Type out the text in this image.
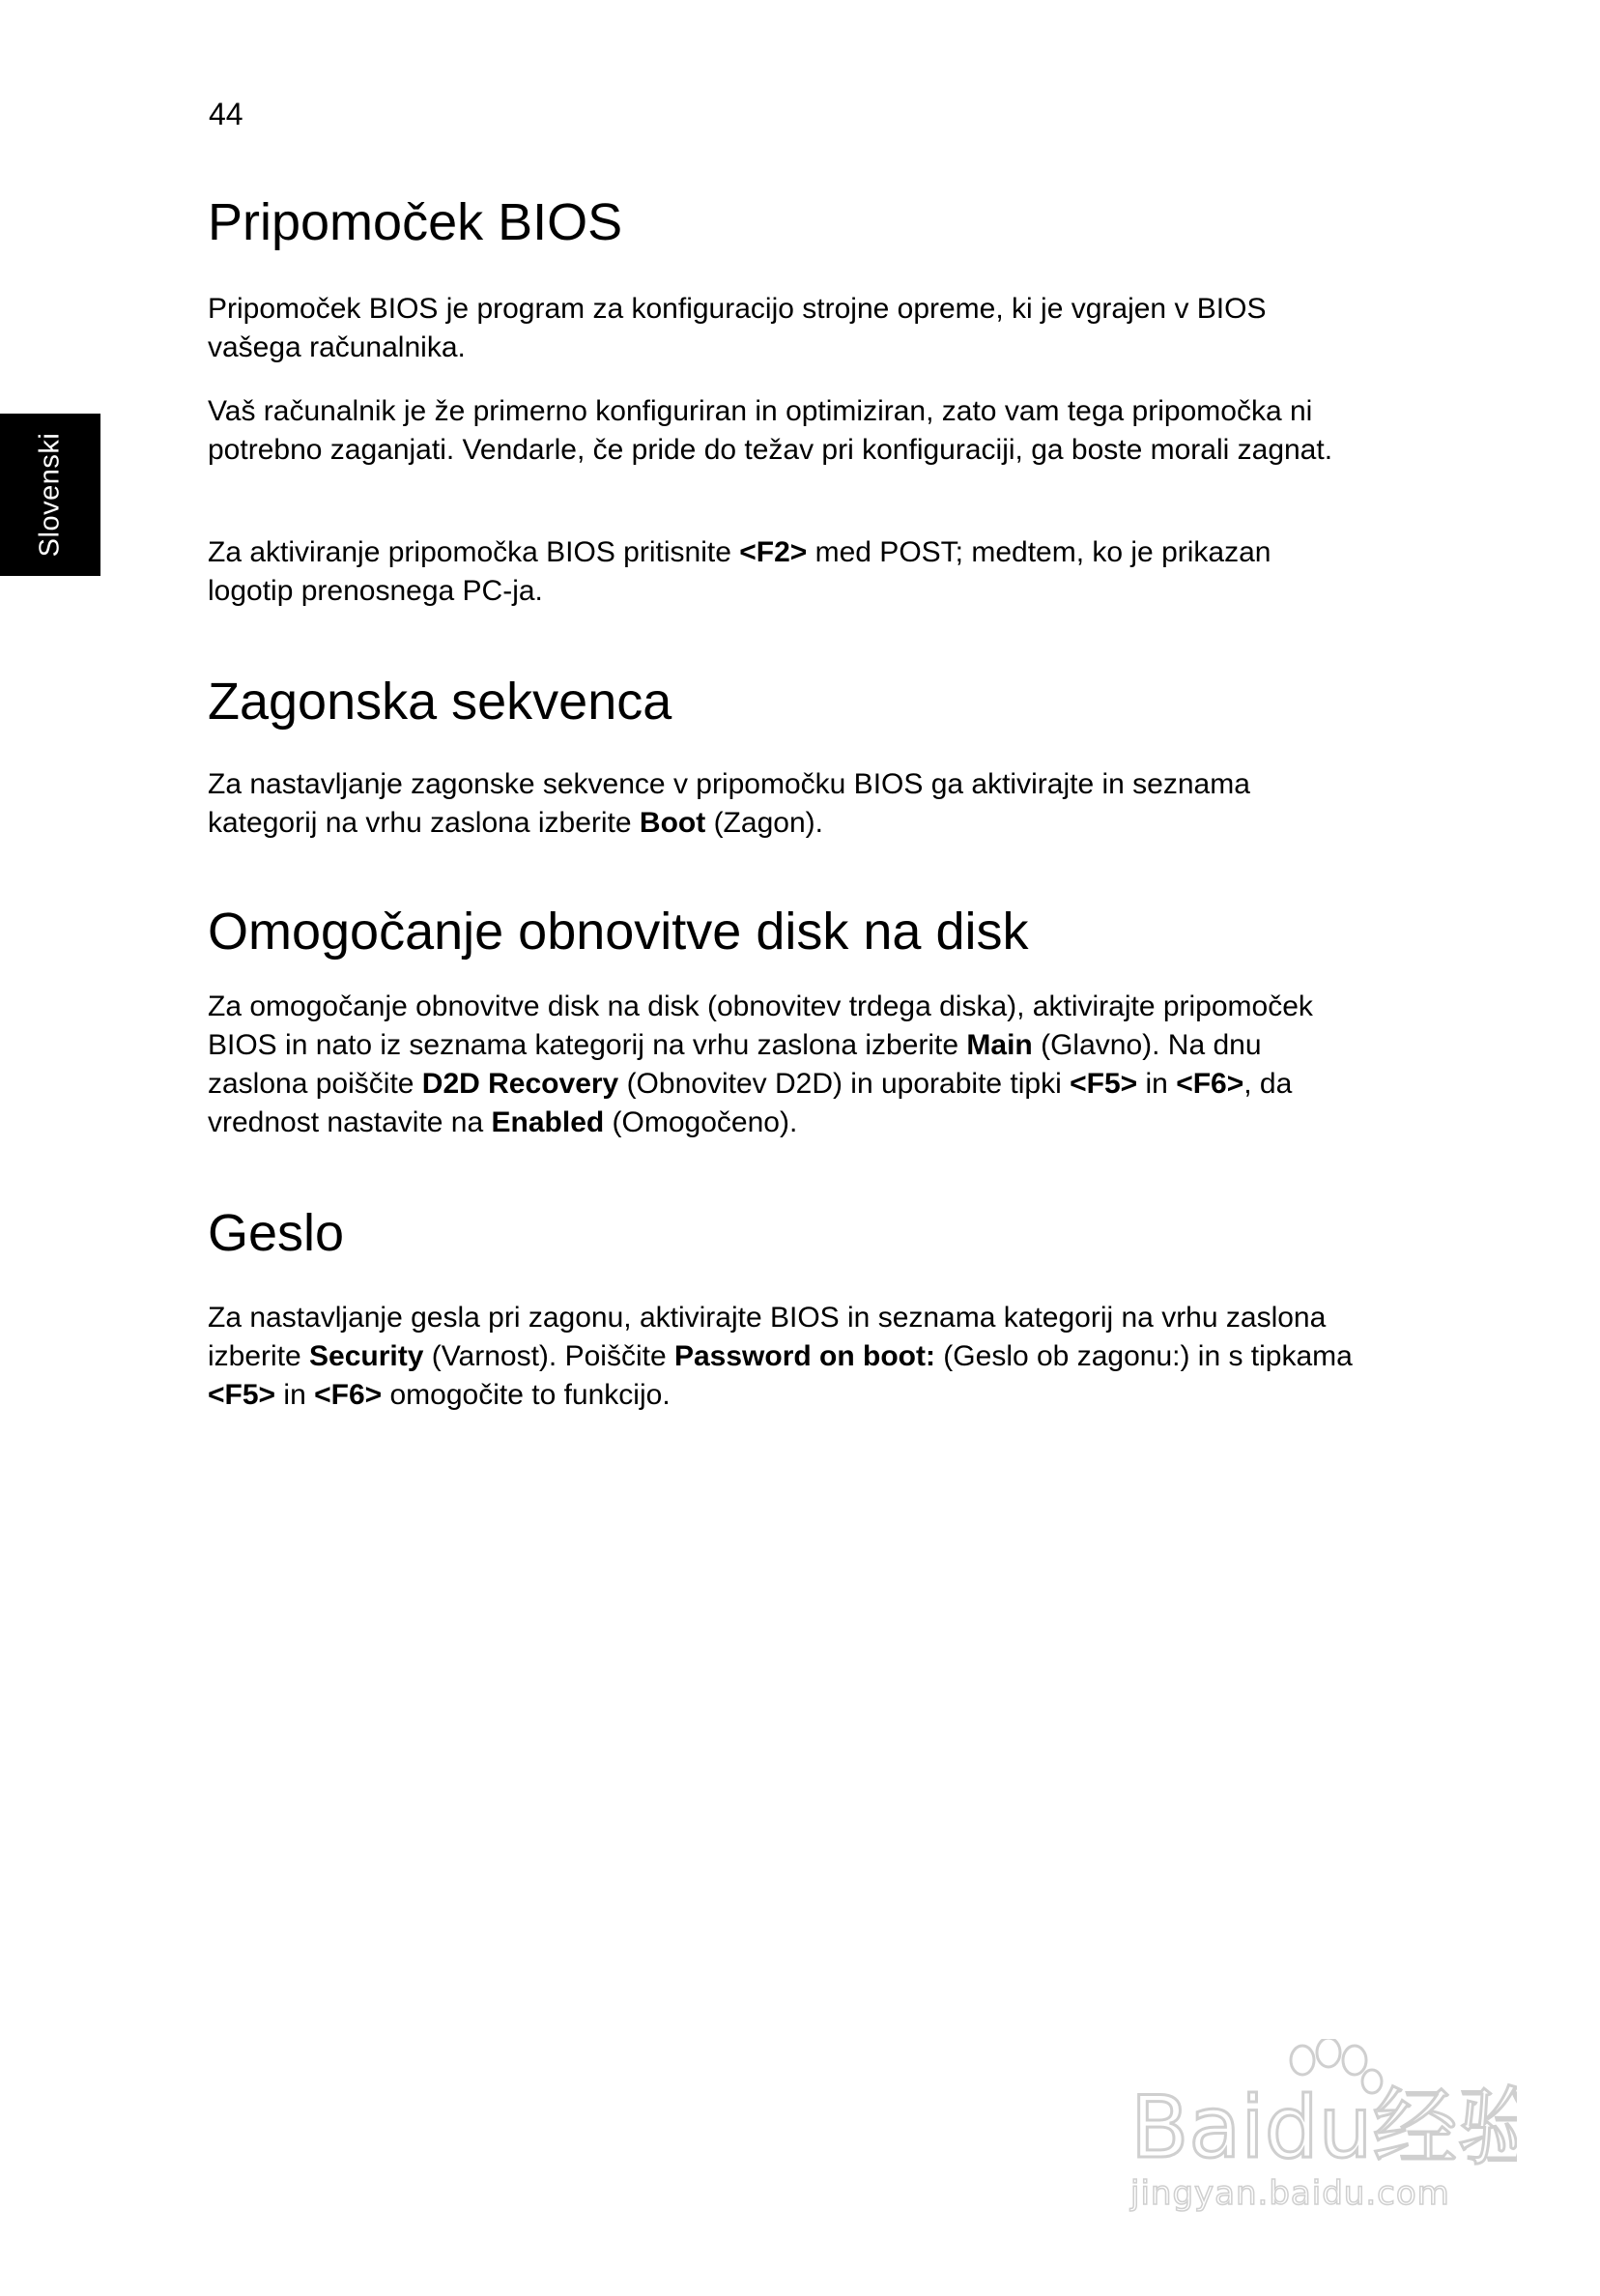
44
Slovenski
Pripomoček BIOS

Pripomoček BIOS je program za konfiguracijo strojne opreme, ki je vgrajen v BIOS vašega računalnika.

Vaš računalnik je že primerno konfiguriran in optimiziran, zato vam tega pripomočka ni potrebno zaganjati. Vendarle, če pride do težav pri konfiguraciji, ga boste morali zagnat.

Za aktiviranje pripomočka BIOS pritisnite <F2> med POST; medtem, ko je prikazan logotip prenosnega PC-ja.

Zagonska sekvenca

Za nastavljanje zagonske sekvence v pripomočku BIOS ga aktivirajte in seznama kategorij na vrhu zaslona izberite Boot (Zagon).

Omogočanje obnovitve disk na disk

Za omogočanje obnovitve disk na disk (obnovitev trdega diska), aktivirajte pripomoček BIOS in nato iz seznama kategorij na vrhu zaslona izberite Main (Glavno). Na dnu zaslona poiščite D2D Recovery (Obnovitev D2D) in uporabite tipki <F5> in <F6>, da vrednost nastavite na Enabled (Omogočeno).

Geslo

Za nastavljanje gesla pri zagonu, aktivirajte BIOS in seznama kategorij na vrhu zaslona izberite Security (Varnost). Poiščite Password on boot: (Geslo ob zagonu:) in s tipkama <F5> in <F6> omogočite to funkcijo.

Baidu经验
jingyan.baidu.com
